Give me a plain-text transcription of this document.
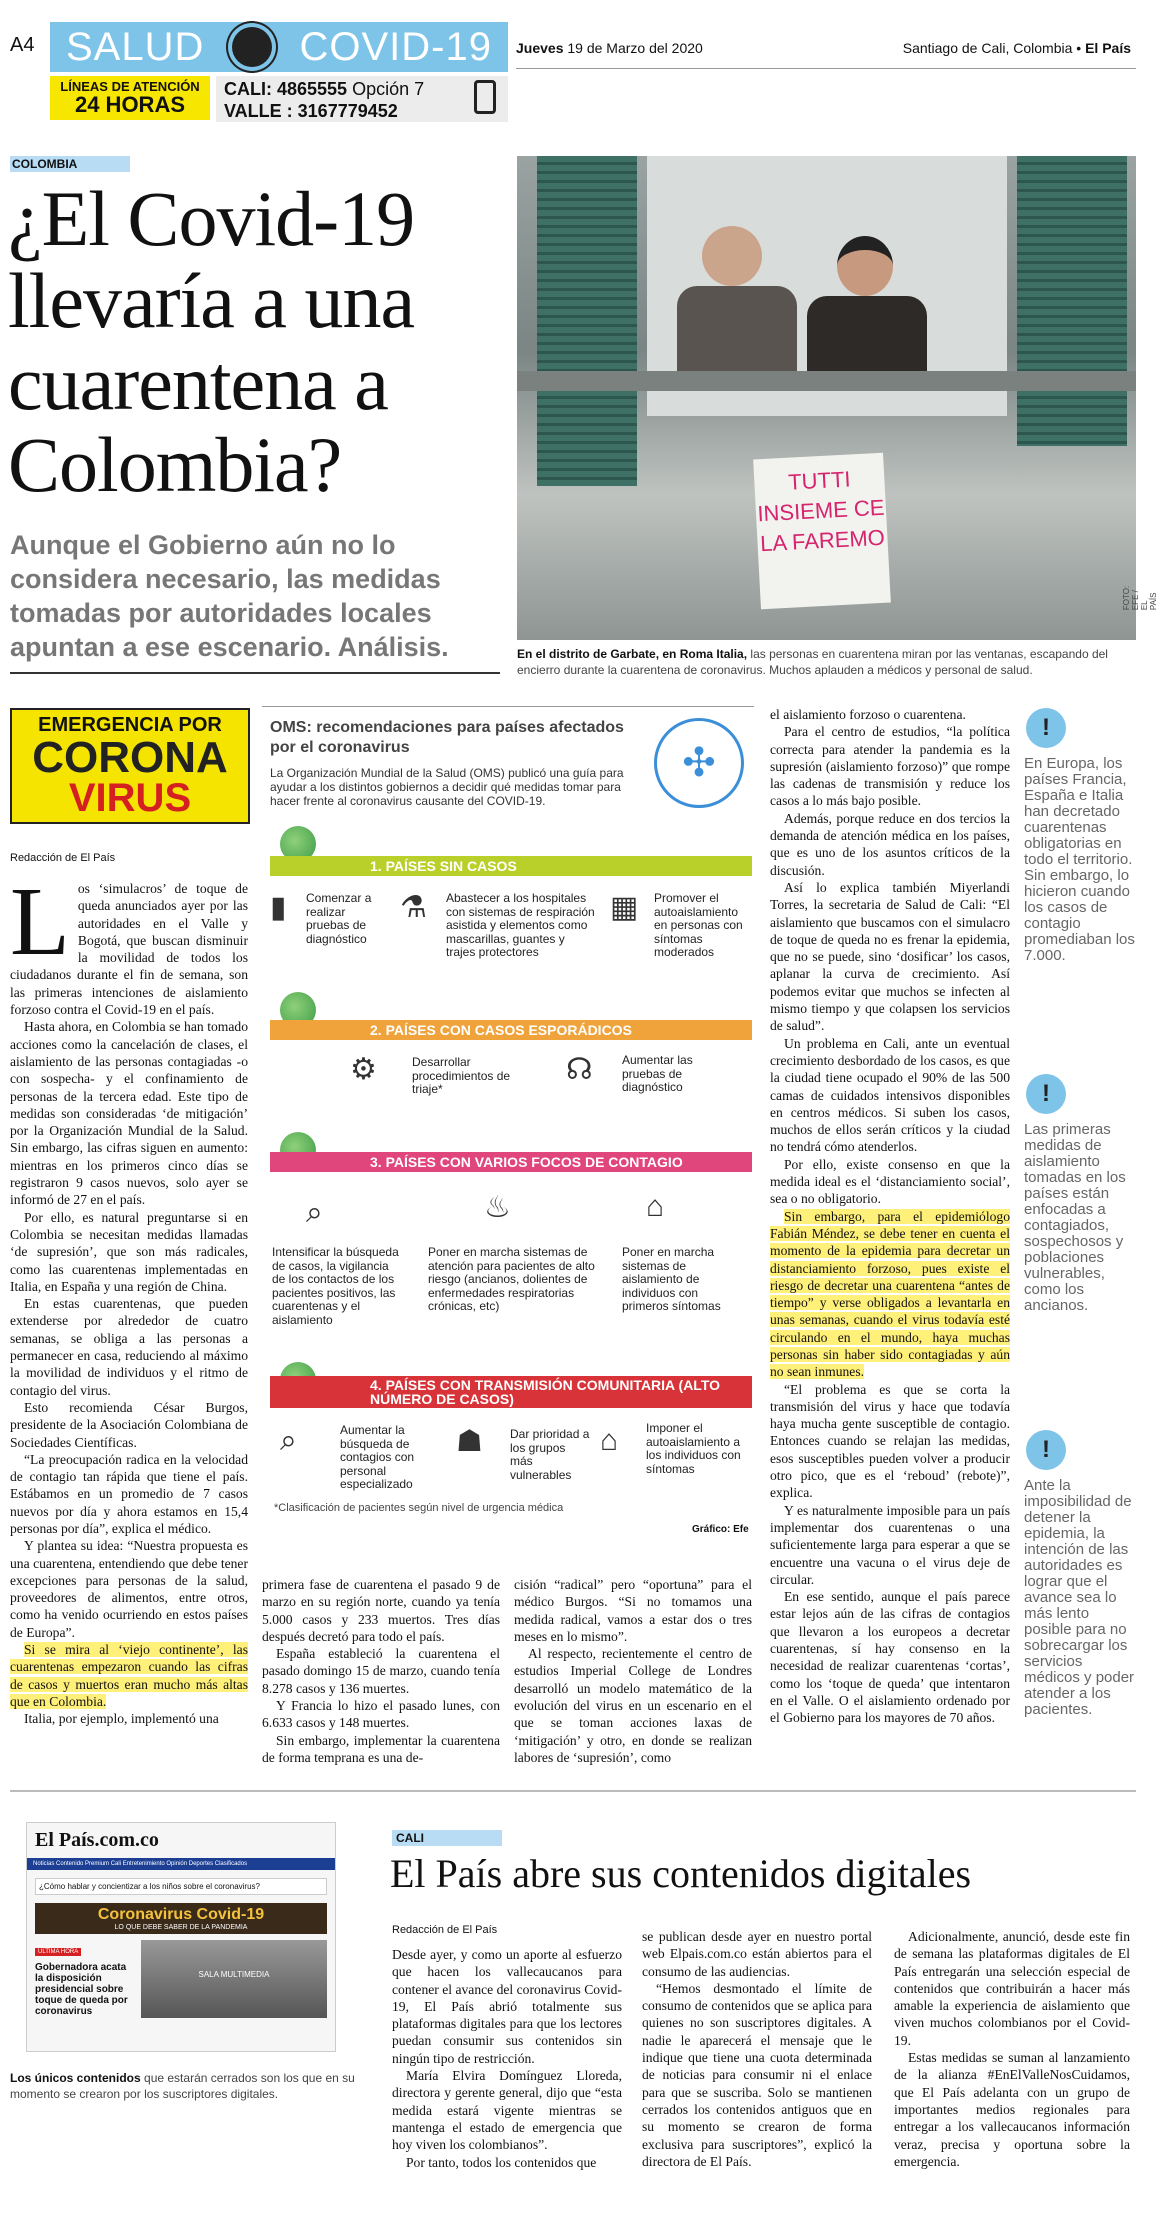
A4 SALUD COVID-19
LÍNEAS DE ATENCIÓN
24 HORAS
CALI: 4865555 Opción 7
VALLE : 3167779452
Jueves 19 de Marzo del 2020	Santiago de Cali, Colombia • El País
COLOMBIA
¿El Covid-19 llevaría a una cuarentena a Colombia?
Aunque el Gobierno aún no lo considera necesario, las medidas tomadas por autoridades locales apuntan a ese escenario. Análisis.
TUTTI INSIEME CE LA FAREMO
FOTO: EFE / EL PAÍS
En el distrito de Garbate, en Roma Italia, las personas en cuarentena miran por las ventanas, escapando del encierro durante la cuarentena de coronavirus. Muchos aplauden a médicos y personal de salud.
EMERGENCIA POR
CORONA
VIRUS
Redacción de El País

Los ‘simulacros’ de toque de queda anunciados ayer por las autoridades en el Valle y Bogotá, que buscan disminuir la movilidad de todos los ciudadanos durante el fin de semana, son las primeras intenciones de aislamiento forzoso contra el Covid-19 en el país.

Hasta ahora, en Colombia se han tomado acciones como la cancelación de clases, el aislamiento de las personas contagiadas -o con sospecha- y el confinamiento de personas de la tercera edad. Este tipo de medidas son consideradas ‘de mitigación’ por la Organización Mundial de la Salud. Sin embargo, las cifras siguen en aumento: mientras en los primeros cinco días se registraron 9 casos nuevos, solo ayer se informó de 27 en el país.

Por ello, es natural preguntarse si en Colombia se necesitan medidas llamadas ‘de supresión’, que son más radicales, como las cuarentenas implementadas en Italia, en España y una región de China.

En estas cuarentenas, que pueden extenderse por alrededor de cuatro semanas, se obliga a las personas a permanecer en casa, reduciendo al máximo la movilidad de individuos y el ritmo de contagio del virus.

Esto recomienda César Burgos, presidente de la Asociación Colombiana de Sociedades Científicas.

“La preocupación radica en la velocidad de contagio tan rápida que tiene el país. Estábamos en un promedio de 7 casos nuevos por día y ahora estamos en 15,4 personas por día”, explica el médico.

Y plantea su idea: “Nuestra propuesta es una cuarentena, entendiendo que debe tener excepciones para personas de la salud, proveedores de alimentos, entre otros, como ha venido ocurriendo en estos países de Europa”.

Si se mira al ‘viejo continente’, las cuarentenas empezaron cuando las cifras de casos y muertos eran mucho más altas que en Colombia.

Italia, por ejemplo, implementó una

OMS: recomendaciones para países afectados por el coronavirus
La Organización Mundial de la Salud (OMS) publicó una guía para ayudar a los distintos gobiernos a decidir qué medidas tomar para hacer frente al coronavirus causante del COVID-19.
✣
1. PAÍSES SIN CASOS
▮ Comenzar a realizar pruebas de diagnóstico
⚗ Abastecer a los hospitales con sistemas de respiración asistida y elementos como mascarillas, guantes y trajes protectores
▦ Promover el autoaislamiento en personas con síntomas moderados
2. PAÍSES CON CASOS ESPORÁDICOS
⚙	Desarrollar procedimientos de triaje*
☊ Aumentar las pruebas de diagnóstico
3. PAÍSES CON VARIOS FOCOS DE CONTAGIO
⌕
Intensificar la búsqueda de casos, la vigilancia de los contactos de los pacientes positivos, las cuarentenas y el aislamiento
♨
Poner en marcha sistemas de atención para pacientes de alto riesgo (ancianos, dolientes de enfermedades respiratorias crónicas, etc)
⌂
Poner en marcha sistemas de aislamiento de individuos con primeros síntomas
4. PAÍSES CON TRANSMISIÓN COMUNITARIA (ALTO NÚMERO DE CASOS)
⌕	Aumentar la búsqueda de contagios con personal especializado
☗ Dar prioridad a los grupos más vulnerables
⌂ Imponer el autoaislamiento a los individuos con síntomas
*Clasificación de pacientes según nivel de urgencia médica
Gráfico: Efe

el aislamiento forzoso o cuarentena.

Para el centro de estudios, “la política correcta para atender la pandemia es la supresión (aislamiento forzoso)” que rompe las cadenas de transmisión y reduce los casos a lo más bajo posible.

Además, porque reduce en dos tercios la demanda de atención médica en los países, que es uno de los asuntos críticos de la discusión.

Así lo explica también Miyerlandi Torres, la secretaria de Salud de Cali: “El aislamiento que buscamos con el simulacro de toque de queda no es frenar la epidemia, que no se puede, sino ‘dosificar’ los casos, aplanar la curva de crecimiento. Así podemos evitar que muchos se infecten al mismo tiempo y que colapsen los servicios de salud”.

Un problema en Cali, ante un eventual crecimiento desbordado de los casos, es que la ciudad tiene ocupado el 90% de las 500 camas de cuidados intensivos disponibles en centros médicos. Si suben los casos, muchos de ellos serán críticos y la ciudad no tendrá cómo atenderlos.

Por ello, existe consenso en que la medida ideal es el ‘distanciamiento social’, sea o no obligatorio.

Sin embargo, para el epidemiólogo Fabián Méndez, se debe tener en cuenta el momento de la epidemia para decretar un distanciamiento forzoso, pues existe el riesgo de decretar una cuarentena “antes de tiempo” y verse obligados a levantarla en unas semanas, cuando el virus todavía esté circulando en el mundo, haya muchas personas sin haber sido contagiadas y aún no sean inmunes.

“El problema es que se corta la transmisión del virus y hace que todavía haya mucha gente susceptible de contagio. Entonces cuando se relajan las medidas, esos susceptibles pueden volver a producir otro pico, que es el ‘reboud’ (rebote)”, explica.

Y es naturalmente imposible para un país implementar dos cuarentenas o una suficientemente larga para esperar a que se encuentre una vacuna o el virus deje de circular.

En ese sentido, aunque el país parece estar lejos aún de las cifras de contagios que llevaron a los europeos a decretar cuarentenas, sí hay consenso en la necesidad de realizar cuarentenas ‘cortas’, como los ‘toque de queda’ que intentaron en el Valle. O el aislamiento ordenado por el Gobierno para los mayores de 70 años.

!
En Europa, los países Francia, España e Italia han decretado cuarentenas obligatorias en todo el territorio. Sin embargo, lo hicieron cuando los casos de contagio promediaban los 7.000.
!
Las primeras medidas de aislamiento tomadas en los países están enfocadas a contagiados, sospechosos y poblaciones vulnerables, como los ancianos.
!
Ante la imposibilidad de detener la epidemia, la intención de las autoridades es lograr que el avance sea lo más lento posible para no sobrecargar los servicios médicos y poder atender a los pacientes.

primera fase de cuarentena el pasado 9 de marzo en su región norte, cuando ya tenía 5.000 casos y 233 muertos. Tres días después decretó para todo el país.

España estableció la cuarentena el pasado domingo 15 de marzo, cuando tenía 8.278 casos y 136 muertes.

Y Francia lo hizo el pasado lunes, con 6.633 casos y 148 muertes.

Sin embargo, implementar la cuarentena de forma temprana es una de-

cisión “radical” pero “oportuna” para el médico Burgos. “Si no tomamos una medida radical, vamos a estar dos o tres meses en lo mismo”.

Al respecto, recientemente el centro de estudios Imperial College de Londres desarrolló un modelo matemático de la evolución del virus en un escenario en el que se toman acciones laxas de ‘mitigación’ y otro, en donde se realizan labores de ‘supresión’, como

El País.com.co
Noticias Contenido Premium Cali Entretenimiento Opinión Deportes Clasificados
¿Cómo hablar y concientizar a los niños sobre el coronavirus?
Coronavirus Covid-19
LO QUE DEBE SABER DE LA PANDEMIA
ÚLTIMA HORA
Gobernadora acata la disposición presidencial sobre toque de queda por coronavirus
SALA MULTIMEDIA
Los únicos contenidos que estarán cerrados son los que en su momento se crearon por los suscriptores digitales.
CALI
El País abre sus contenidos digitales
Redacción de El País

Desde ayer, y como un aporte al esfuerzo que hacen los vallecaucanos para contener el avance del coronavirus Covid-19, El País abrió totalmente sus plataformas digitales para que los lectores puedan consumir sus contenidos sin ningún tipo de restricción.

María Elvira Domínguez Lloreda, directora y gerente general, dijo que “esta medida estará vigente mientras se mantenga el estado de emergencia que hoy viven los colombianos”.

Por tanto, todos los contenidos que

se publican desde ayer en nuestro portal web Elpais.com.co están abiertos para el consumo de las audiencias.

“Hemos desmontado el límite de consumo de contenidos que se aplica para quienes no son suscriptores digitales. A nadie le aparecerá el mensaje que le indique que tiene una cuota determinada de noticias para consumir ni el enlace para que se suscriba. Solo se mantienen cerrados los contenidos antiguos que en su momento se crearon de forma exclusiva para suscriptores”, explicó la directora de El País.

Adicionalmente, anunció, desde este fin de semana las plataformas digitales de El País entregarán una selección especial de contenidos que contribuirán a hacer más amable la experiencia de aislamiento que viven muchos colombianos por el Covid-19.

Estas medidas se suman al lanzamiento de la alianza #EnElValleNosCuidamos, que El País adelanta con un grupo de importantes medios regionales para entregar a los vallecaucanos información veraz, precisa y oportuna sobre la emergencia.
